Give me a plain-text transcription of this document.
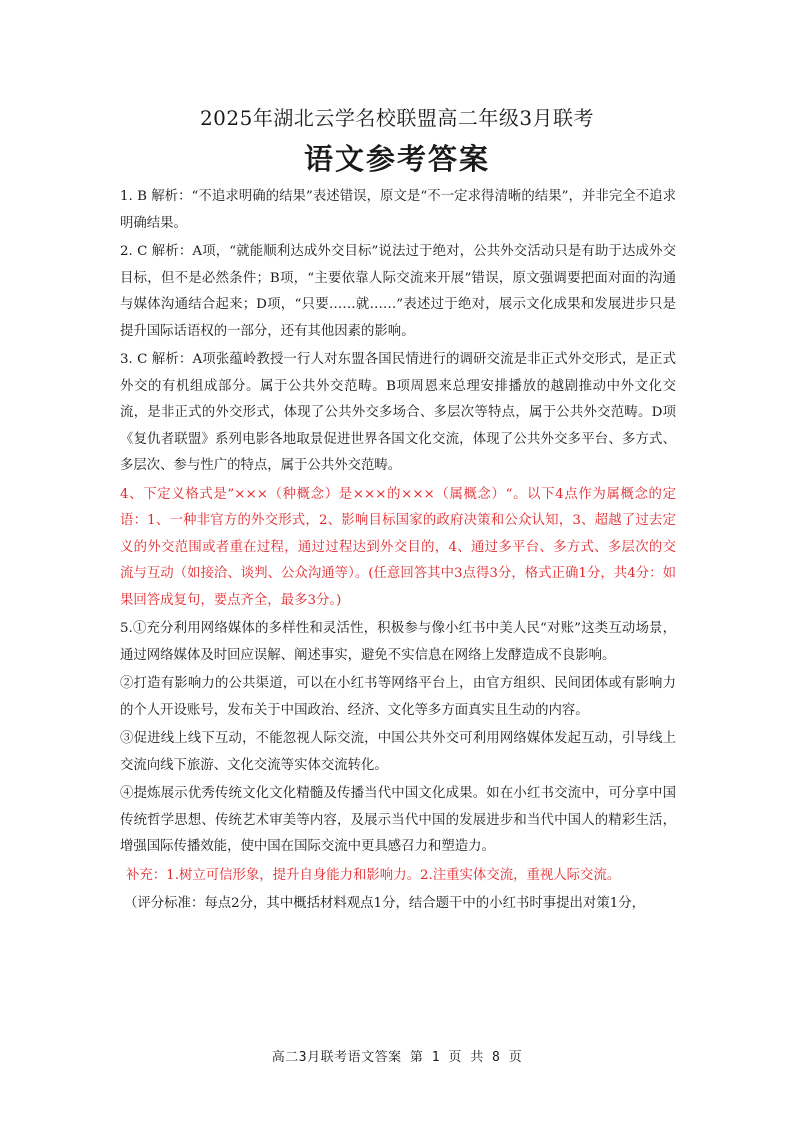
2025年湖北云学名校联盟高二年级3月联考
语文参考答案

1. B 解析：“不追求明确的结果”表述错误，原文是“不一定求得清晰的结果”，并非完全不追求明确结果。

2. C 解析：A项，“就能顺利达成外交目标”说法过于绝对，公共外交活动只是有助于达成外交目标，但不是必然条件；B项，“主要依靠人际交流来开展”错误，原文强调要把面对面的沟通与媒体沟通结合起来；D项，“只要……就……”表述过于绝对，展示文化成果和发展进步只是提升国际话语权的一部分，还有其他因素的影响。

3. C 解析：A项张蕴岭教授一行人对东盟各国民情进行的调研交流是非正式外交形式，是正式外交的有机组成部分。属于公共外交范畴。B项周恩来总理安排播放的越剧推动中外文化交流，是非正式的外交形式，体现了公共外交多场合、多层次等特点，属于公共外交范畴。D项《复仇者联盟》系列电影各地取景促进世界各国文化交流，体现了公共外交多平台、多方式、多层次、参与性广的特点，属于公共外交范畴。

4、下定义格式是”×××（种概念）是×××的×××（属概念）“。以下4点作为属概念的定语：1、一种非官方的外交形式，2、影响目标国家的政府决策和公众认知，3、超越了过去定义的外交范围或者重在过程，通过过程达到外交目的，4、通过多平台、多方式、多层次的交流与互动（如接洽、谈判、公众沟通等）。(任意回答其中3点得3分，格式正确1分，共4分：如果回答成复句，要点齐全，最多3分。)

5.①充分利用网络媒体的多样性和灵活性，积极参与像小红书中美人民“对账”这类互动场景，通过网络媒体及时回应误解、阐述事实，避免不实信息在网络上发酵造成不良影响。

②打造有影响力的公共渠道，可以在小红书等网络平台上，由官方组织、民间团体或有影响力的个人开设账号，发布关于中国政治、经济、文化等多方面真实且生动的内容。

③促进线上线下互动，不能忽视人际交流，中国公共外交可利用网络媒体发起互动，引导线上交流向线下旅游、文化交流等实体交流转化。

④提炼展示优秀传统文化文化精髓及传播当代中国文化成果。如在小红书交流中，可分享中国传统哲学思想、传统艺术审美等内容，及展示当代中国的发展进步和当代中国人的精彩生活，增强国际传播效能，使中国在国际交流中更具感召力和塑造力。

补充：1.树立可信形象，提升自身能力和影响力。2.注重实体交流，重视人际交流。

（评分标准：每点2分，其中概括材料观点1分，结合题干中的小红书时事提出对策1分，

高二3月联考语文答案 第 1 页 共 8 页
